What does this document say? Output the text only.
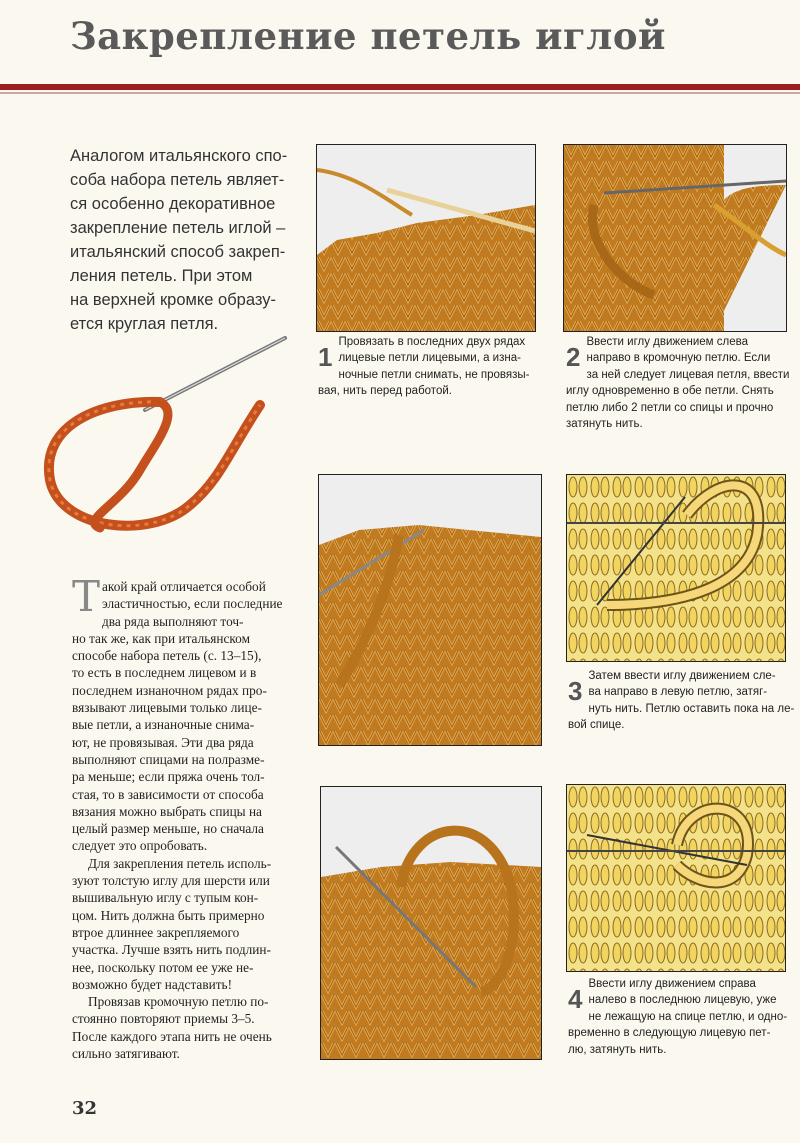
Закрепление петель иглой
Аналогом итальянского спо-
соба набора петель являет-
ся особенно декоративное
закрепление петель иглой –
итальянский способ закреп-
ления петель. При этом
на верхней кромке образу-
ется круглая петля.
Т акой край отличается особой
эластичностью, если последние
два ряда выполняют точ-
но так же, как при итальянском
способе набора петель (с. 13–15),
то есть в последнем лицевом и в
последнем изнаночном рядах про-
вязывают лицевыми только лице-
вые петли, а изнаночные снима-
ют, не провязывая. Эти два ряда
выполняют спицами на полразме-
ра меньше; если пряжа очень тол-
стая, то в зависимости от способа
вязания можно выбрать спицы на
целый размер меньше, но сначала
следует это опробовать.
Для закрепления петель исполь-
зуют толстую иглу для шерсти или
вышивальную иглу с тупым кон-
цом. Нить должна быть примерно
втрое длиннее закрепляемого
участка. Лучше взять нить подлин-
нее, поскольку потом ее уже не-
возможно будет надставить!
Провязав кромочную петлю по-
стоянно повторяют приемы 3–5.
После каждого этапа нить не очень
сильно затягивают.
32
1 Провязать в последних двух рядах
лицевые петли лицевыми, а изна-
ночные петли снимать, не провязы-
вая, нить перед работой.
2 Ввести иглу движением слева
направо в кромочную петлю. Если
за ней следует лицевая петля, ввести
иглу одновременно в обе петли. Снять
петлю либо 2 петли со спицы и прочно
затянуть нить.
3 Затем ввести иглу движением сле-
ва направо в левую петлю, затяг-
нуть нить. Петлю оставить пока на ле-
вой спице.
4 Ввести иглу движением справа
налево в последнюю лицевую, уже
не лежащую на спице петлю, и одно-
временно в следующую лицевую пет-
лю, затянуть нить.
